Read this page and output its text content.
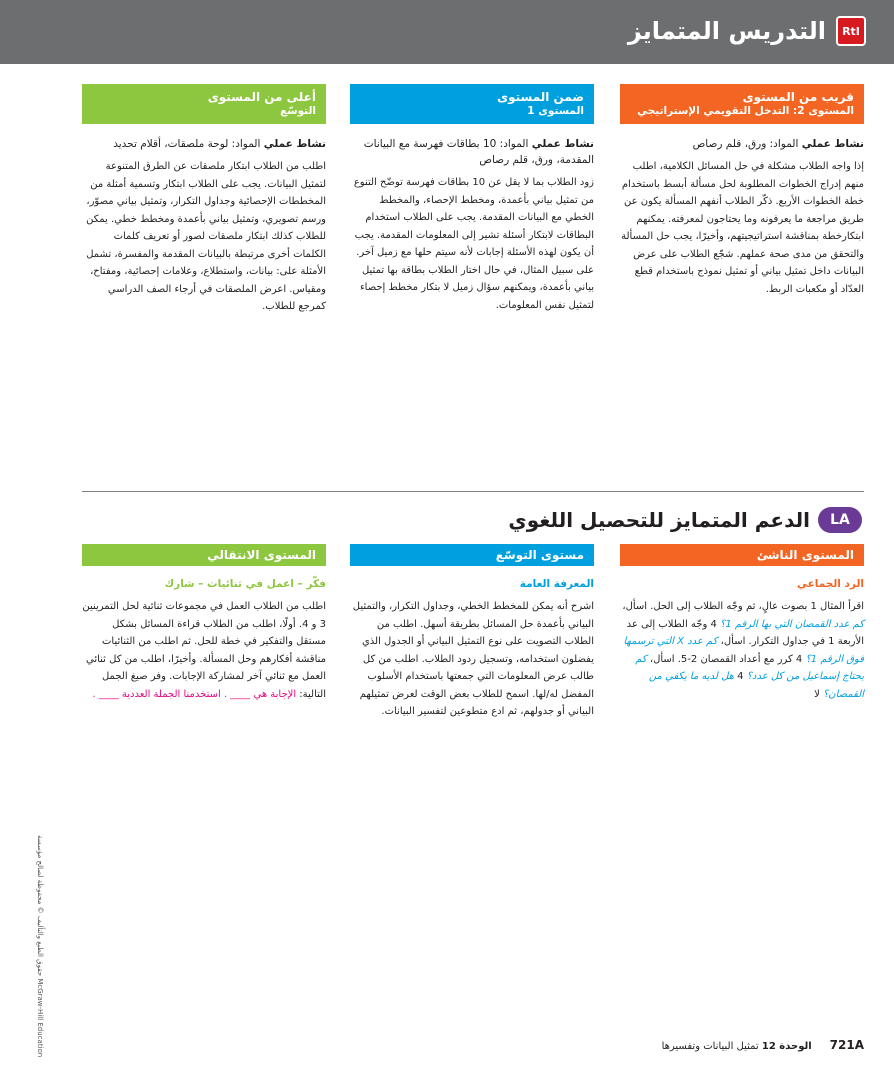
RtI
التدريس المتمايز
قريب من المستوى
المستوى 2: التدخل التقويمي الإستراتيجي
نشاط عملي المواد: ورق، قلم رصاص
إذا واجه الطلاب مشكلة في حل المسائل الكلامية، اطلب منهم إدراج الخطوات المطلوبة لحل مسألة أبسط باستخدام خطة الخطوات الأربع. ذكّر الطلاب أنفهم المسألة يكون عن طريق مراجعة ما يعرفونه وما يحتاجون لمعرفته. يمكنهم ابتكارخطة بمناقشة استراتيجيتهم، وأخيرًا، يجب حل المسألة والتحقق من مدى صحة عملهم. شجّع الطلاب على عرض البيانات داخل تمثيل بياني أو تمثيل نموذج باستخدام قطع العدّاد أو مكعبات الربط.
ضمن المستوى
المستوى 1
نشاط عملي المواد: 10 بطاقات فهرسة مع البيانات المقدمة، ورق، قلم رصاص
زود الطلاب بما لا يقل عن 10 بطاقات فهرسة توضّح التنوع من تمثيل بياني بأعمدة، ومخطط الإحصاء، والمخطط الخطي مع البيانات المقدمة. يجب على الطلاب استخدام البطاقات لابتكار أسئلة تشير إلى المعلومات المقدمة. يجب أن يكون لهذه الأسئلة إجابات لأنه سيتم حلها مع زميل آخر. على سبيل المثال، في حال اختار الطلاب بطاقة بها تمثيل بياني بأعمدة، ويمكنهم سؤال زميل لا بتكار مخطط إحصاء لتمثيل نفس المعلومات.
أعلى من المستوى
التوسّع
نشاط عملي المواد: لوحة ملصقات، أقلام تحديد
اطلب من الطلاب ابتكار ملصقات عن الطرق المتنوعة لتمثيل البيانات. يجب على الطلاب ابتكار وتسمية أمثلة من المخططات الإحصائية وجداول التكرار، وتمثيل بياني مصوّر، ورسم تصويري، وتمثيل بياني بأعمدة ومخطط خطي. يمكن للطلاب كذلك ابتكار ملصقات لصور أو تعريف كلمات الكلمات أخرى مرتبطة بالبيانات المقدمة والمفسرة، تشمل الأمثلة على: بيانات، واستطلاع، وعلامات إحصائية، ومفتاح، ومقياس. اعرض الملصقات في أرجاء الصف الدراسي كمرجع للطلاب.
LA
الدعم المتمايز للتحصيل اللغوي
المستوى الناشئ
الرد الجماعي
اقرأ المثال 1 بصوت عالٍ، ثم وجّه الطلاب إلى الحل. اسأل، كم عدد القمصان التي بها الرقم 1؟ 4 وجّه الطلاب إلى عد الأربعة 1 في جداول التكرار. اسأل، كم عدد X التي ترسمها فوق الرقم 1؟ 4 كرر مع أعداد القمصان 2-5. اسأل، كم يحتاج إسماعيل من كل عدد؟ 4 هل لديه ما يكفي من القمصان؟ لا
مستوى التوسّع
المعرفة العامة
اشرح أنه يمكن للمخطط الخطي، وجداول التكرار، والتمثيل البياني بأعمدة حل المسائل بطريقة أسهل. اطلب من الطلاب التصويت على نوع التمثيل البياني أو الجدول الذي يفضلون استخدامه، وتسجيل ردود الطلاب. اطلب من كل طالب عرض المعلومات التي جمعتها باستخدام الأسلوب المفضل له/لها. اسمح للطلاب بعض الوقت لعرض تمثيلهم البياني أو جدولهم، ثم ادع متطوعين لتفسير البيانات.
المستوى الانتقالي
فكّر – اعمل في ثنائيات – شارك
اطلب من الطلاب العمل في مجموعات ثنائية لحل التمرينين 3 و 4. أولًا، اطلب من الطلاب قراءة المسائل بشكل مستقل والتفكير في خطة للحل. ثم اطلب من الثنائيات مناقشة أفكارهم وحل المسألة. وأخيرًا، اطلب من كل ثنائي العمل مع ثنائي آخر لمشاركة الإجابات. وفر صيغ الجمل التالية: الإجابة هي ____ . استخدمنا الجملة العددية ____ .
حقوق الطبع والتأليف © محفوظة لصالح مؤسسة McGraw-Hill Education	721A
الوحدة 12 تمثيل البيانات وتفسيرها
